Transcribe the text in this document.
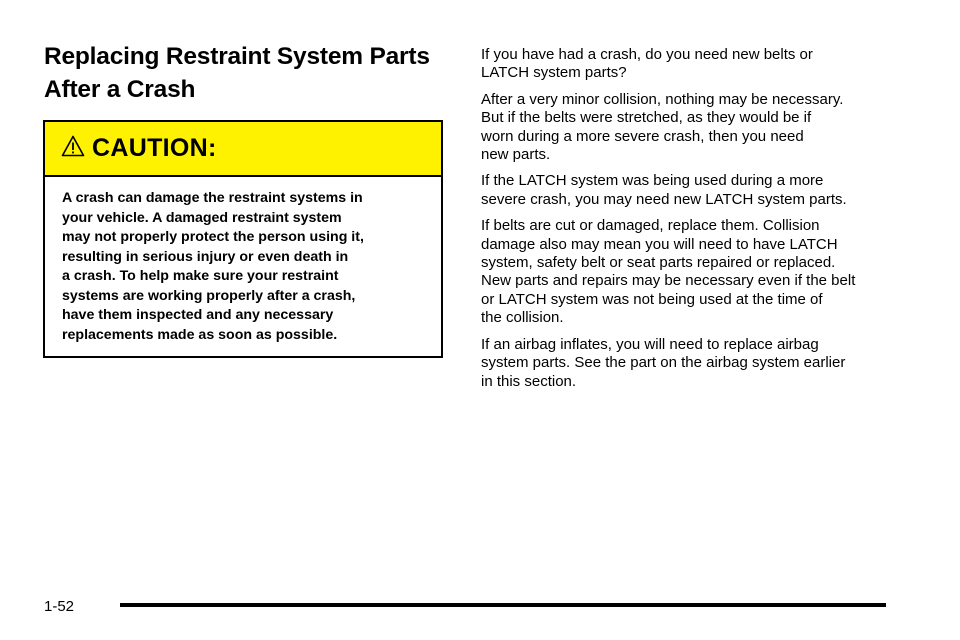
Replacing Restraint System Parts
After a Crash
CAUTION:

A crash can damage the restraint systems in
your vehicle. A damaged restraint system
may not properly protect the person using it,
resulting in serious injury or even death in
a crash. To help make sure your restraint
systems are working properly after a crash,
have them inspected and any necessary
replacements made as soon as possible.

If you have had a crash, do you need new belts or
LATCH system parts?

After a very minor collision, nothing may be necessary.
But if the belts were stretched, as they would be if
worn during a more severe crash, then you need
new parts.

If the LATCH system was being used during a more
severe crash, you may need new LATCH system parts.

If belts are cut or damaged, replace them. Collision
damage also may mean you will need to have LATCH
system, safety belt or seat parts repaired or replaced.
New parts and repairs may be necessary even if the belt
or LATCH system was not being used at the time of
the collision.

If an airbag inflates, you will need to replace airbag
system parts. See the part on the airbag system earlier
in this section.

1-52
